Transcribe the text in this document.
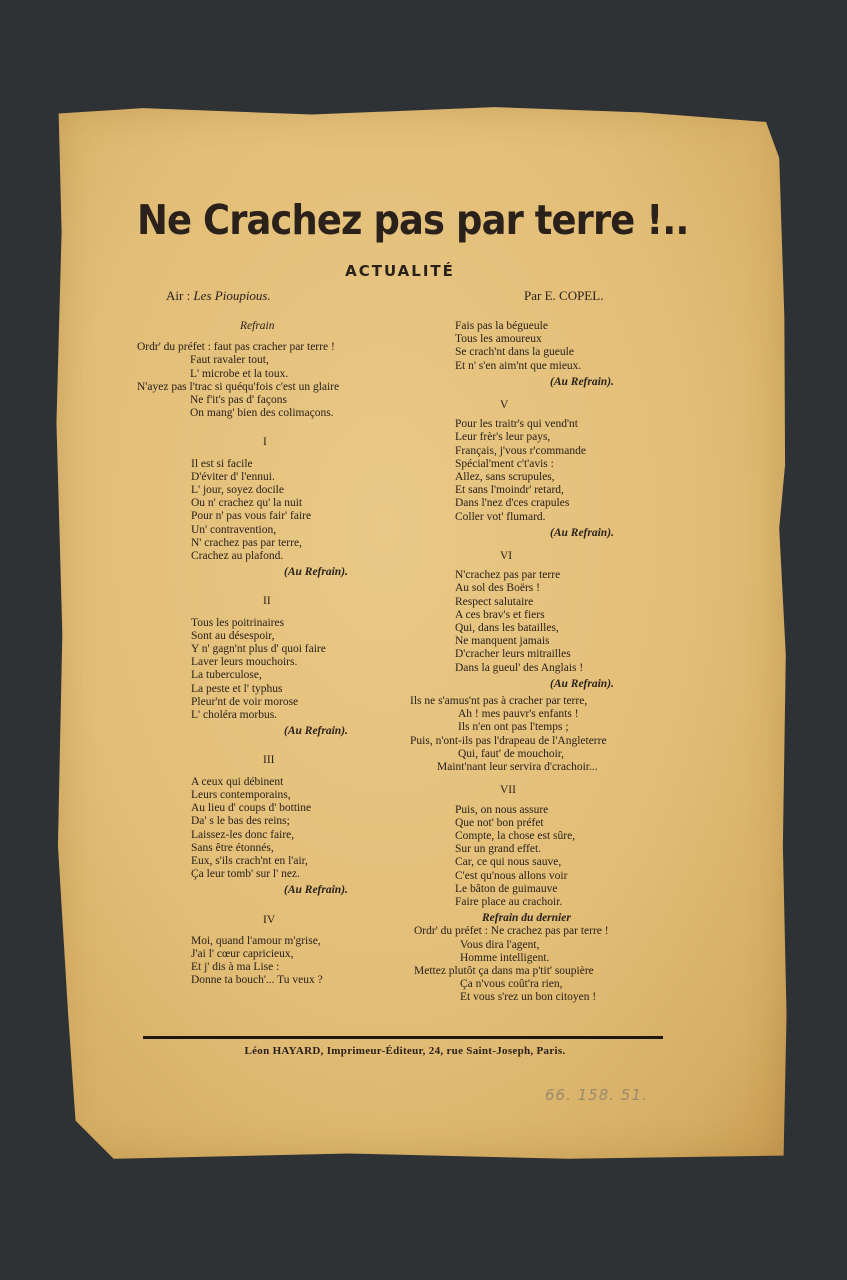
Ne Crachez pas par terre !..
ACTUALITÉ
Air : Les Pioupious.	Par E. COPEL.
Refrain
Ordr' du préfet : faut pas cracher par terre !
Faut ravaler tout,
L' microbe et la toux.
N'ayez pas l'trac si quéqu'fois c'est un glaire
Ne f'it's pas d' façons
On mang' bien des colimaçons.
I
Il est si facile
D'éviter d' l'ennui.
L' jour, soyez docile
Ou n' crachez qu' la nuit
Pour n' pas vous fair' faire
Un' contravention,
N' crachez pas par terre,
Crachez au plafond.
(Au Refrain).
II
Tous les poitrinaires
Sont au désespoir,
Y n' gagn'nt plus d' quoi faire
Laver leurs mouchoirs.
La tuberculose,
La peste et l' typhus
Pleur'nt de voir morose
L' choléra morbus.
(Au Refrain).
III
A ceux qui débinent
Leurs contemporains,
Au lieu d' coups d' bottine
Da' s le bas des reins;
Laissez-les donc faire,
Sans être étonnés,
Eux, s'ils crach'nt en l'air,
Ça leur tomb' sur l' nez.
(Au Refrain).
IV
Moi, quand l'amour m'grise,
J'ai l' cœur capricieux,
Et j' dis à ma Lise :
Donne ta bouch'... Tu veux ?
Fais pas la bégueule
Tous les amoureux
Se crach'nt dans la gueule
Et n' s'en aim'nt que mieux.
(Au Refrain).
V
Pour les traitr's qui vend'nt
Leur frèr's leur pays,
Français, j'vous r'commande
Spécial'ment c't'avis :
Allez, sans scrupules,
Et sans l'moindr' retard,
Dans l'nez d'ces crapules
Coller vot' flumard.
(Au Refrain).
VI
N'crachez pas par terre
Au sol des Boërs !
Respect salutaire
A ces brav's et fiers
Qui, dans les batailles,
Ne manquent jamais
D'cracher leurs mitrailles
Dans la gueul' des Anglais !
(Au Refrain).
Ils ne s'amus'nt pas à cracher par terre,
Ah ! mes pauvr's enfants !
Ils n'en ont pas l'temps ;
Puis, n'ont-ils pas l'drapeau de l'Angleterre
Qui, faut' de mouchoir,
Maint'nant leur servira d'crachoir...
VII
Puis, on nous assure
Que not' bon préfet
Compte, la chose est sûre,
Sur un grand effet.
Car, ce qui nous sauve,
C'est qu'nous allons voir
Le bâton de guimauve
Faire place au crachoir.
Refrain du dernier
Ordr' du préfet : Ne crachez pas par terre !
Vous dira l'agent,
Homme intelligent.
Mettez plutôt ça dans ma p'tit' soupière
Ça n'vous coût'ra rien,
Et vous s'rez un bon citoyen !
Léon HAYARD, Imprimeur-Éditeur, 24, rue Saint-Joseph, Paris.
66. 158. 51.
